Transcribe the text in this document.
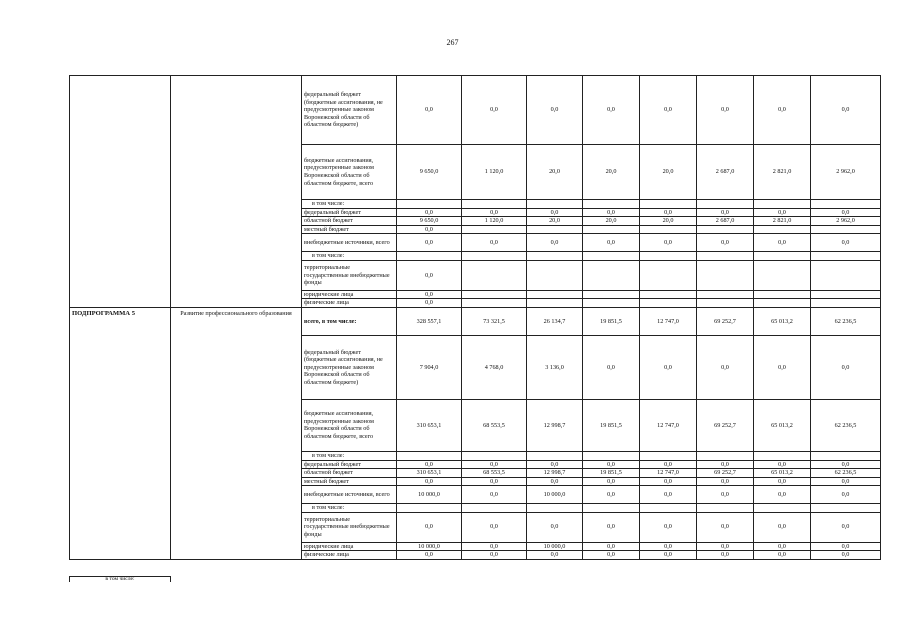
267
		федеральный бюджет (бюджетные ассигнования, не предусмотренные законом Воронежской области об областном бюджете)	0,0	0,0	0,0	0,0	0,0	0,0	0,0	0,0
		бюджетные ассигнования, предусмотренные законом Воронежской области об областном бюджете, всего	9 650,0	1 120,0	20,0	20,0	20,0	2 687,0	2 821,0	2 962,0
		в том числе:								
		федеральный бюджет	0,0	0,0	0,0	0,0	0,0	0,0	0,0	0,0
		областной бюджет	9 650,0	1 120,0	20,0	20,0	20,0	2 687,0	2 821,0	2 962,0
		местный бюджет	0,0							
		внебюджетные источники, всего	0,0	0,0	0,0	0,0	0,0	0,0	0,0	0,0
		в том числе:								
		территориальные государственные внебюджетные фонды	0,0							
		юридические лица	0,0							
		физические лица	0,0							
ПОДПРОГРАММА 5	Развитие профессионального образования	всего, в том числе:	328 557,1	73 321,5	26 134,7	19 851,5	12 747,0	69 252,7	65 013,2	62 236,5
		федеральный бюджет (бюджетные ассигнования, не предусмотренные законом Воронежской области об областном бюджете)	7 904,0	4 768,0	3 136,0	0,0	0,0	0,0	0,0	0,0
		бюджетные ассигнования, предусмотренные законом Воронежской области об областном бюджете, всего	310 653,1	68 553,5	12 998,7	19 851,5	12 747,0	69 252,7	65 013,2	62 236,5
		в том числе:								
		федеральный бюджет	0,0	0,0	0,0	0,0	0,0	0,0	0,0	0,0
		областной бюджет	310 653,1	68 553,5	12 998,7	19 851,5	12 747,0	69 252,7	65 013,2	62 236,5
		местный бюджет	0,0	0,0	0,0	0,0	0,0	0,0	0,0	0,0
		внебюджетные источники, всего	10 000,0	0,0	10 000,0	0,0	0,0	0,0	0,0	0,0
		в том числе:								
		территориальные государственные внебюджетные фонды	0,0	0,0	0,0	0,0	0,0	0,0	0,0	0,0
		юридические лица	10 000,0	0,0	10 000,0	0,0	0,0	0,0	0,0	0,0
		физические лица	0,0	0,0	0,0	0,0	0,0	0,0	0,0	0,0
в том числе:
